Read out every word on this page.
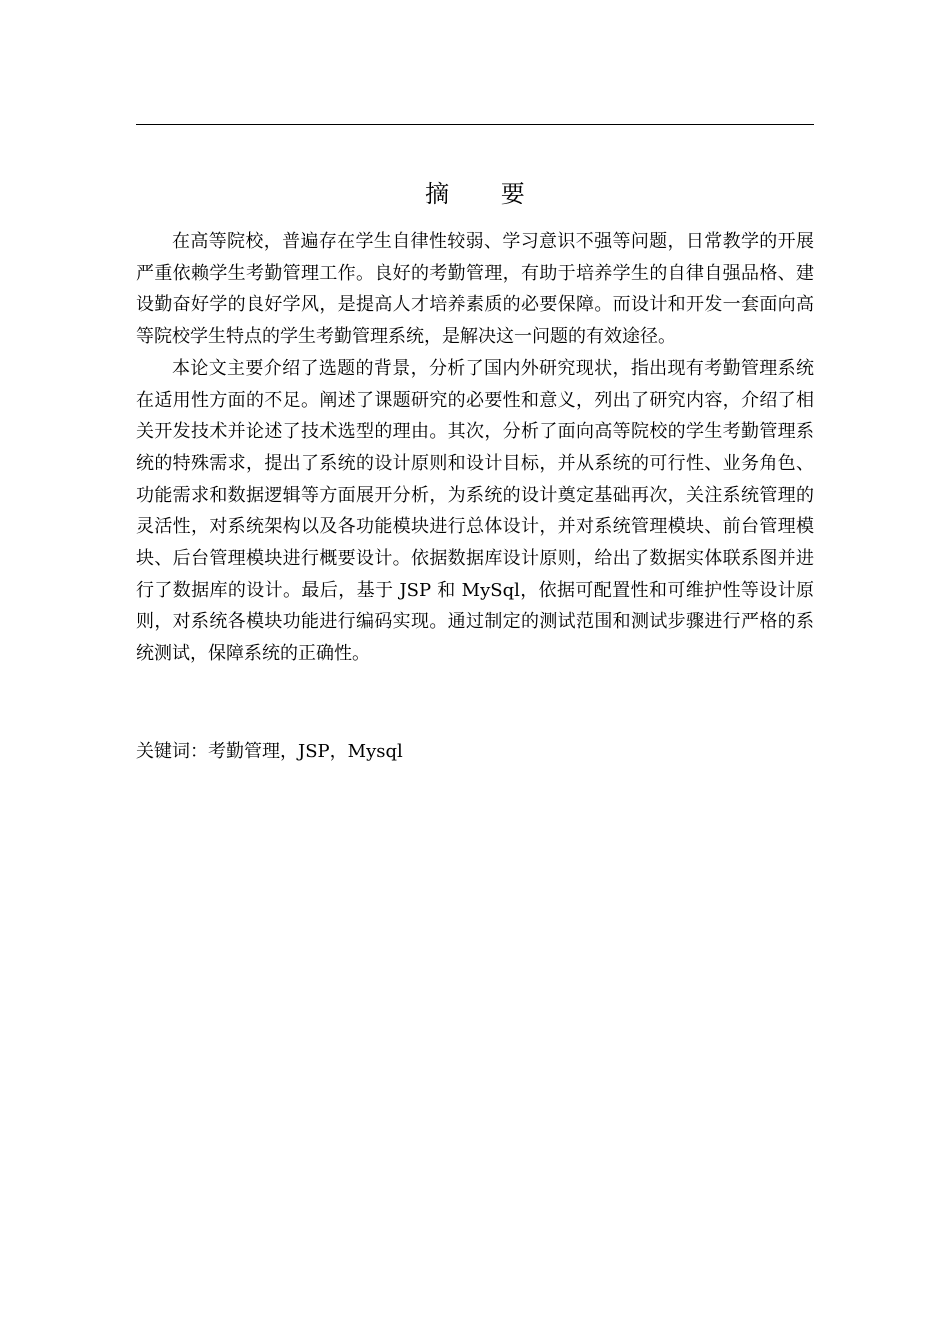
摘 要

在高等院校，普遍存在学生自律性较弱、学习意识不强等问题，日常教学的开展严重依赖学生考勤管理工作。良好的考勤管理，有助于培养学生的自律自强品格、建设勤奋好学的良好学风，是提高人才培养素质的必要保障。而设计和开发一套面向高等院校学生特点的学生考勤管理系统，是解决这一问题的有效途径。

本论文主要介绍了选题的背景，分析了国内外研究现状，指出现有考勤管理系统在适用性方面的不足。阐述了课题研究的必要性和意义，列出了研究内容，介绍了相关开发技术并论述了技术选型的理由。其次，分析了面向高等院校的学生考勤管理系统的特殊需求，提出了系统的设计原则和设计目标，并从系统的可行性、业务角色、功能需求和数据逻辑等方面展开分析，为系统的设计奠定基础再次，关注系统管理的灵活性，对系统架构以及各功能模块进行总体设计，并对系统管理模块、前台管理模块、后台管理模块进行概要设计。依据数据库设计原则，给出了数据实体联系图并进行了数据库的设计。最后，基于 JSP 和 MySql，依据可配置性和可维护性等设计原则，对系统各模块功能进行编码实现。通过制定的测试范围和测试步骤进行严格的系统测试，保障系统的正确性。

关键词：考勤管理，JSP，Mysql
